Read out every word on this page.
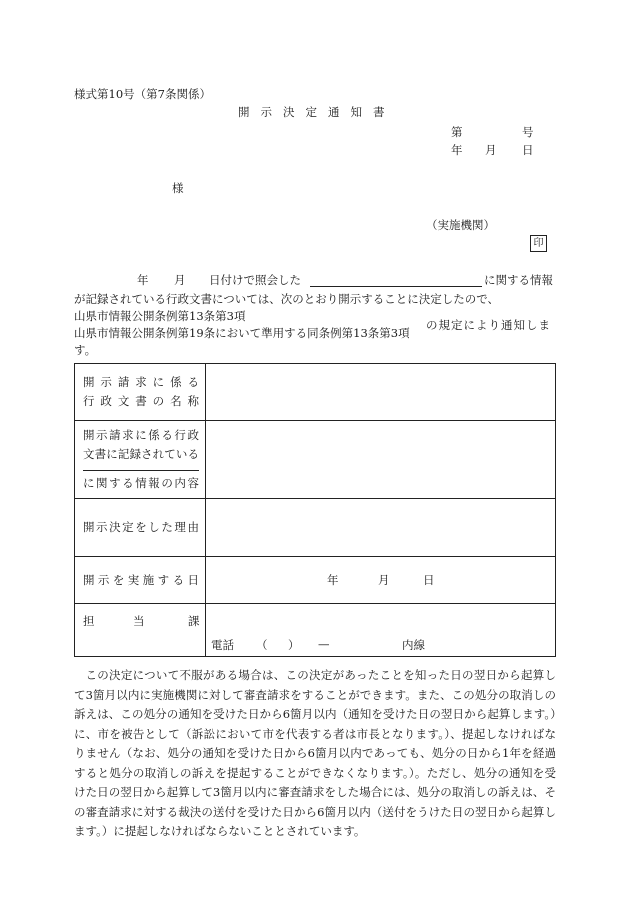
様式第10号（第7条関係）
開示決定通知書
第	号
年 月 日
様
（実施機関）
印
年 月 日付けで照会した	に関する情報
が記録されている行政文書については、次のとおり開示することに決定したので、
山県市情報公開条例第13条第3項
山県市情報公開条例第19条において準用する同条例第13条第3項
の規定により通知しま
す。
開示請求に係る
行政文書の名称	

開示請求に係る行政
文書に記録されている
に関する情報の内容	

開示決定をした理由	

開示を実施する日	年 月 日

担 当 課	電話 （ ） — 内線
この決定について不服がある場合は、この決定があったことを知った日の翌日から起算して3箇月以内に実施機関に対して審査請求をすることができます。また、この処分の取消しの訴えは、この処分の通知を受けた日から6箇月以内（通知を受けた日の翌日から起算します。）に、市を被告として（訴訟において市を代表する者は市長となります。）、提起しなければなりません（なお、処分の通知を受けた日から6箇月以内であっても、処分の日から1年を経過すると処分の取消しの訴えを提起することができなくなります。）。ただし、処分の通知を受けた日の翌日から起算して3箇月以内に審査請求をした場合には、処分の取消しの訴えは、その審査請求に対する裁決の送付を受けた日から6箇月以内（送付をうけた日の翌日から起算します。）に提起しなければならないこととされています。
